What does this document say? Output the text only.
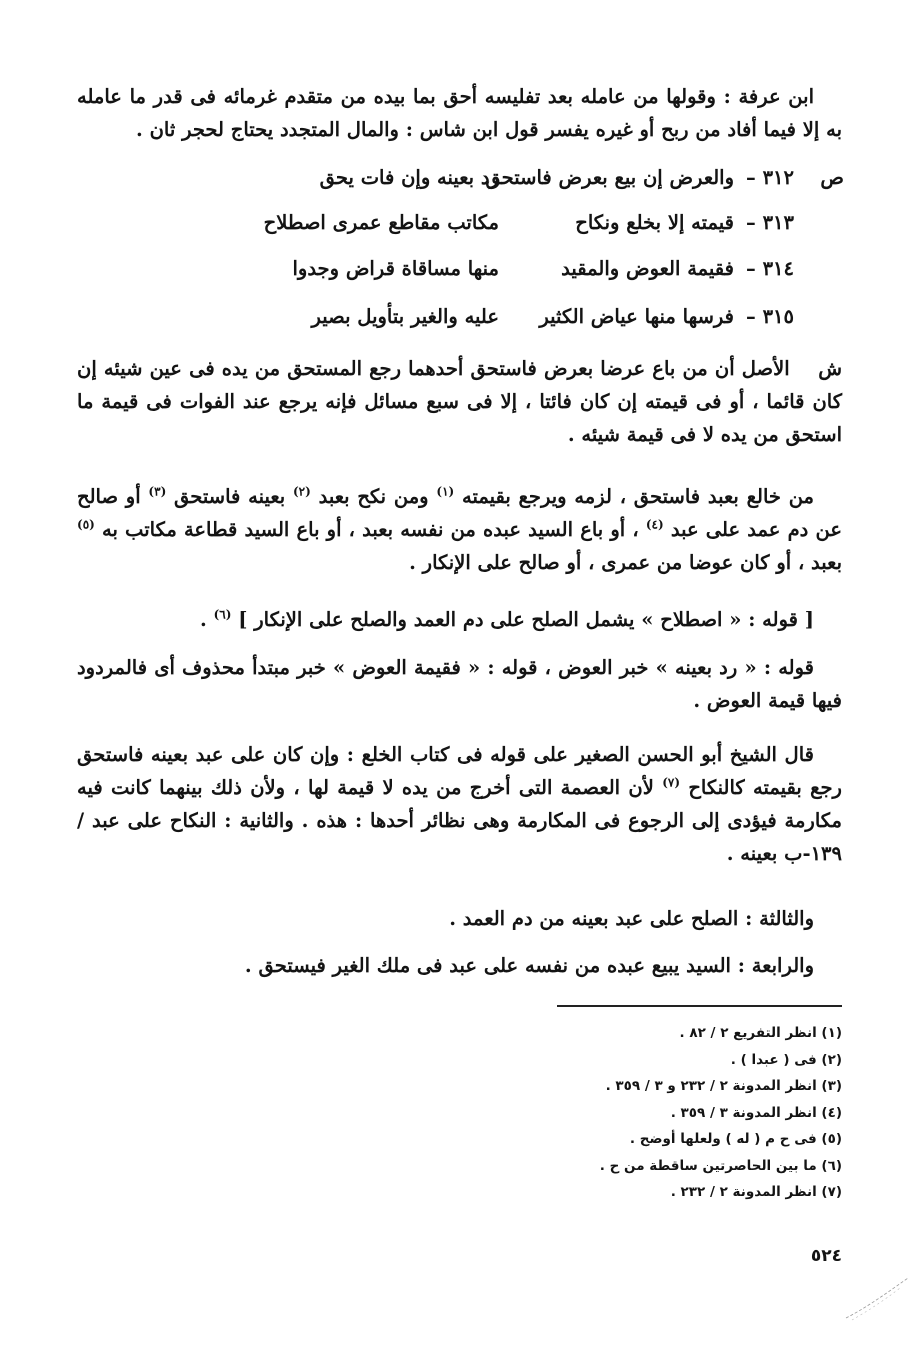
ابن عرفة : وقولها من عامله بعد تفليسه أحق بما بيده من متقدم غرمائه فى قدر ما عامله به إلا فيما أفاد من ربح أو غيره يفسر قول ابن شاس : والمال المتجدد يحتاج لحجر ثان .

ص
٣١٢ –
والعرض إن بيع بعرض فاستحق
رد بعينه وإن فات يحق
٣١٣ –
قيمته إلا بخلع ونكاح
مكاتب مقاطع عمرى اصطلاح
٣١٤ –
فقيمة العوض والمقيد
منها مساقاة قراض وجدوا
٣١٥ –
فرسها منها عياض الكثير
عليه والغير بتأويل بصير

ش    الأصل أن من باع عرضا بعرض فاستحق أحدهما رجع المستحق من يده فى عين شيئه إن كان قائما ، أو فى قيمته إن كان فائتا ، إلا فى سبع مسائل فإنه يرجع عند الفوات فى قيمة ما استحق من يده لا فى قيمة شيئه .

من خالع بعبد فاستحق ، لزمه ويرجع بقيمته $^{(١)}$ ومن نكح بعبد $^{(٢)}$ بعينه فاستحق $^{(٣)}$ أو صالح عن دم عمد على عبد $^{(٤)}$ ، أو باع السيد عبده من نفسه بعبد ، أو باع السيد قطاعة مكاتب به $^{(٥)}$ بعبد ، أو كان عوضا من عمرى ، أو صالح على الإنكار .

[ قوله : « اصطلاح » يشمل الصلح على دم العمد والصلح على الإنكار ] $^{(٦)}$ .

قوله : « رد بعينه » خبر العوض ، قوله : « فقيمة العوض » خبر مبتدأ محذوف أى فالمردود فيها قيمة العوض .

قال الشيخ أبو الحسن الصغير على قوله فى كتاب الخلع : وإن كان على عبد بعينه فاستحق رجع بقيمته كالنكاح $^{(٧)}$ لأن العصمة التى أخرج من يده لا قيمة لها ، ولأن ذلك بينهما كانت فيه مكارمة فيؤدى إلى الرجوع فى المكارمة وهى نظائر أحدها : هذه . والثانية : النكاح على عبد /١٣٩-ب بعينه .

والثالثة : الصلح على عبد بعينه من دم العمد .

والرابعة : السيد يبيع عبده من نفسه على عبد فى ملك الغير فيستحق .

(١) انظر التفريع ٢ / ٨٢ .
(٢) فى ( عبدا ) .
(٣) انظر المدونة ٢ / ٢٣٢ و ٣ / ٣٥٩ .
(٤) انظر المدونة ٣ / ٣٥٩ .
(٥) فى ح م ( له ) ولعلها أوضح .
(٦) ما بين الحاصرتين ساقطة من ح .
(٧) انظر المدونة ٢ / ٢٣٢ .
٥٢٤
